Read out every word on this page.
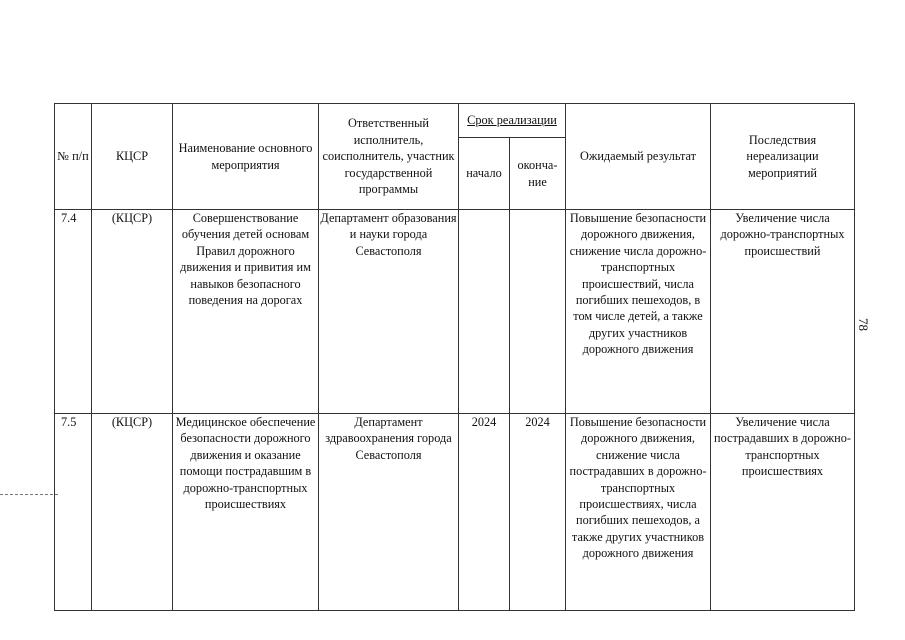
№ п/п	КЦСР	Наименование основного мероприятия	Ответственный исполнитель, соисполнитель, участник государственной программы	Срок реализации		Ожидаемый результат	Последствия нереализации мероприятий
				начало	оконча-ние		
7.4	(КЦСР)	Совершенствование обучения детей основам Правил дорожного движения и привития им навыков безопасного поведения на дорогах	Департамент образования и науки города Севастополя			Повышение безопасности дорожного движения, снижение числа дорожно-транспортных происшествий, числа погибших пешеходов, в том числе детей, а также других участников дорожного движения	Увеличение числа дорожно-транспортных происшествий
7.5	(КЦСР)	Медицинское обеспечение безопасности дорожного движения и оказание помощи пострадавшим в дорожно-транспортных происшествиях	Департамент здравоохранения города Севастополя	2024	2024	Повышение безопасности дорожного движения, снижение числа пострадавших в дорожно-транспортных происшествиях, числа погибших пешеходов, а также других участников дорожного движения	Увеличение числа пострадавших в дорожно-транспортных происшествиях
78
